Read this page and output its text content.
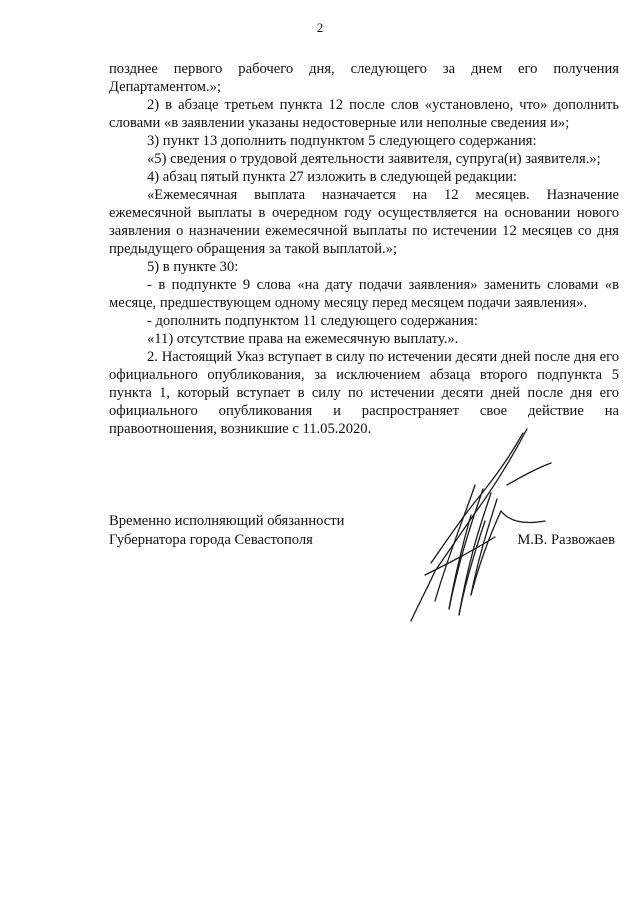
2

позднее первого рабочего дня, следующего за днем его получения Департаментом.»;

2) в абзаце третьем пункта 12 после слов «установлено, что» дополнить словами «в заявлении указаны недостоверные или неполные сведения и»;

3) пункт 13 дополнить подпунктом 5 следующего содержания:

«5) сведения о трудовой деятельности заявителя, супруга(и) заявителя.»;

4) абзац пятый пункта 27 изложить в следующей редакции:

«Ежемесячная выплата назначается на 12 месяцев. Назначение ежемесячной выплаты в очередном году осуществляется на основании нового заявления о назначении ежемесячной выплаты по истечении 12 месяцев со дня предыдущего обращения за такой выплатой.»;

5) в пункте 30:

- в подпункте 9 слова «на дату подачи заявления» заменить словами «в месяце, предшествующем одному месяцу перед месяцем подачи заявления».

- дополнить подпунктом 11 следующего содержания:

«11) отсутствие права на ежемесячную выплату.».

2. Настоящий Указ вступает в силу по истечении десяти дней после дня его официального опубликования, за исключением абзаца второго подпункта 5 пункта 1, который вступает в силу по истечении десяти дней после дня его официального опубликования и распространяет свое действие на правоотношения, возникшие с 11.05.2020.

Временно исполняющий обязанности
Губернатора города Севастополя	М.В. Развожаев
